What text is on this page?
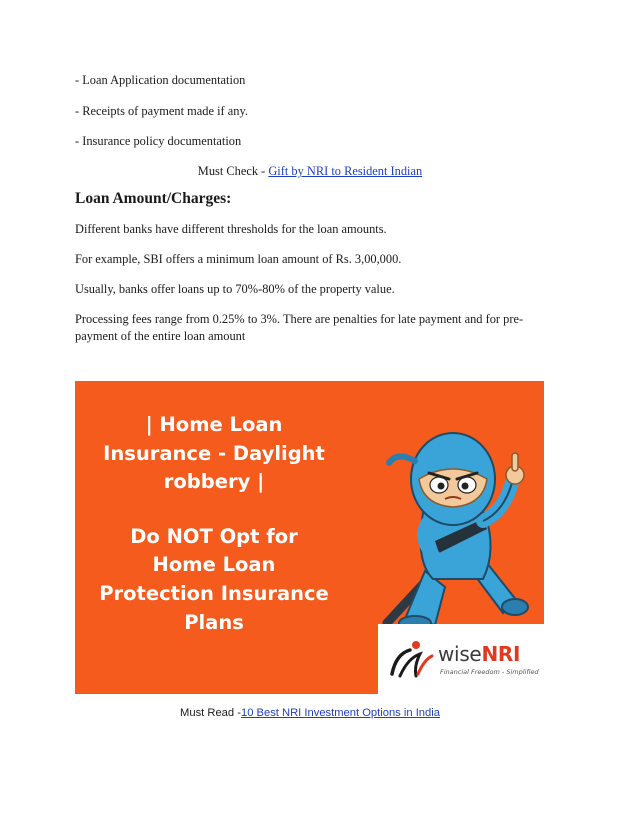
- Loan Application documentation

- Receipts of payment made if any.

- Insurance policy documentation

Must Check - Gift by NRI to Resident Indian

Loan Amount/Charges:

Different banks have different thresholds for the loan amounts.

For example, SBI offers a minimum loan amount of Rs. 3,00,000.

Usually, banks offer loans up to 70%-80% of the property value.

Processing fees range from 0.25% to 3%. There are penalties for late payment and for pre-payment of the entire loan amount

| Home Loan
Insurance - Daylight
robbery |
Do NOT Opt for
Home Loan
Protection Insurance
Plans
wiseNRI
Financial Freedom - Simplified
Must Read -10 Best NRI Investment Options in India
